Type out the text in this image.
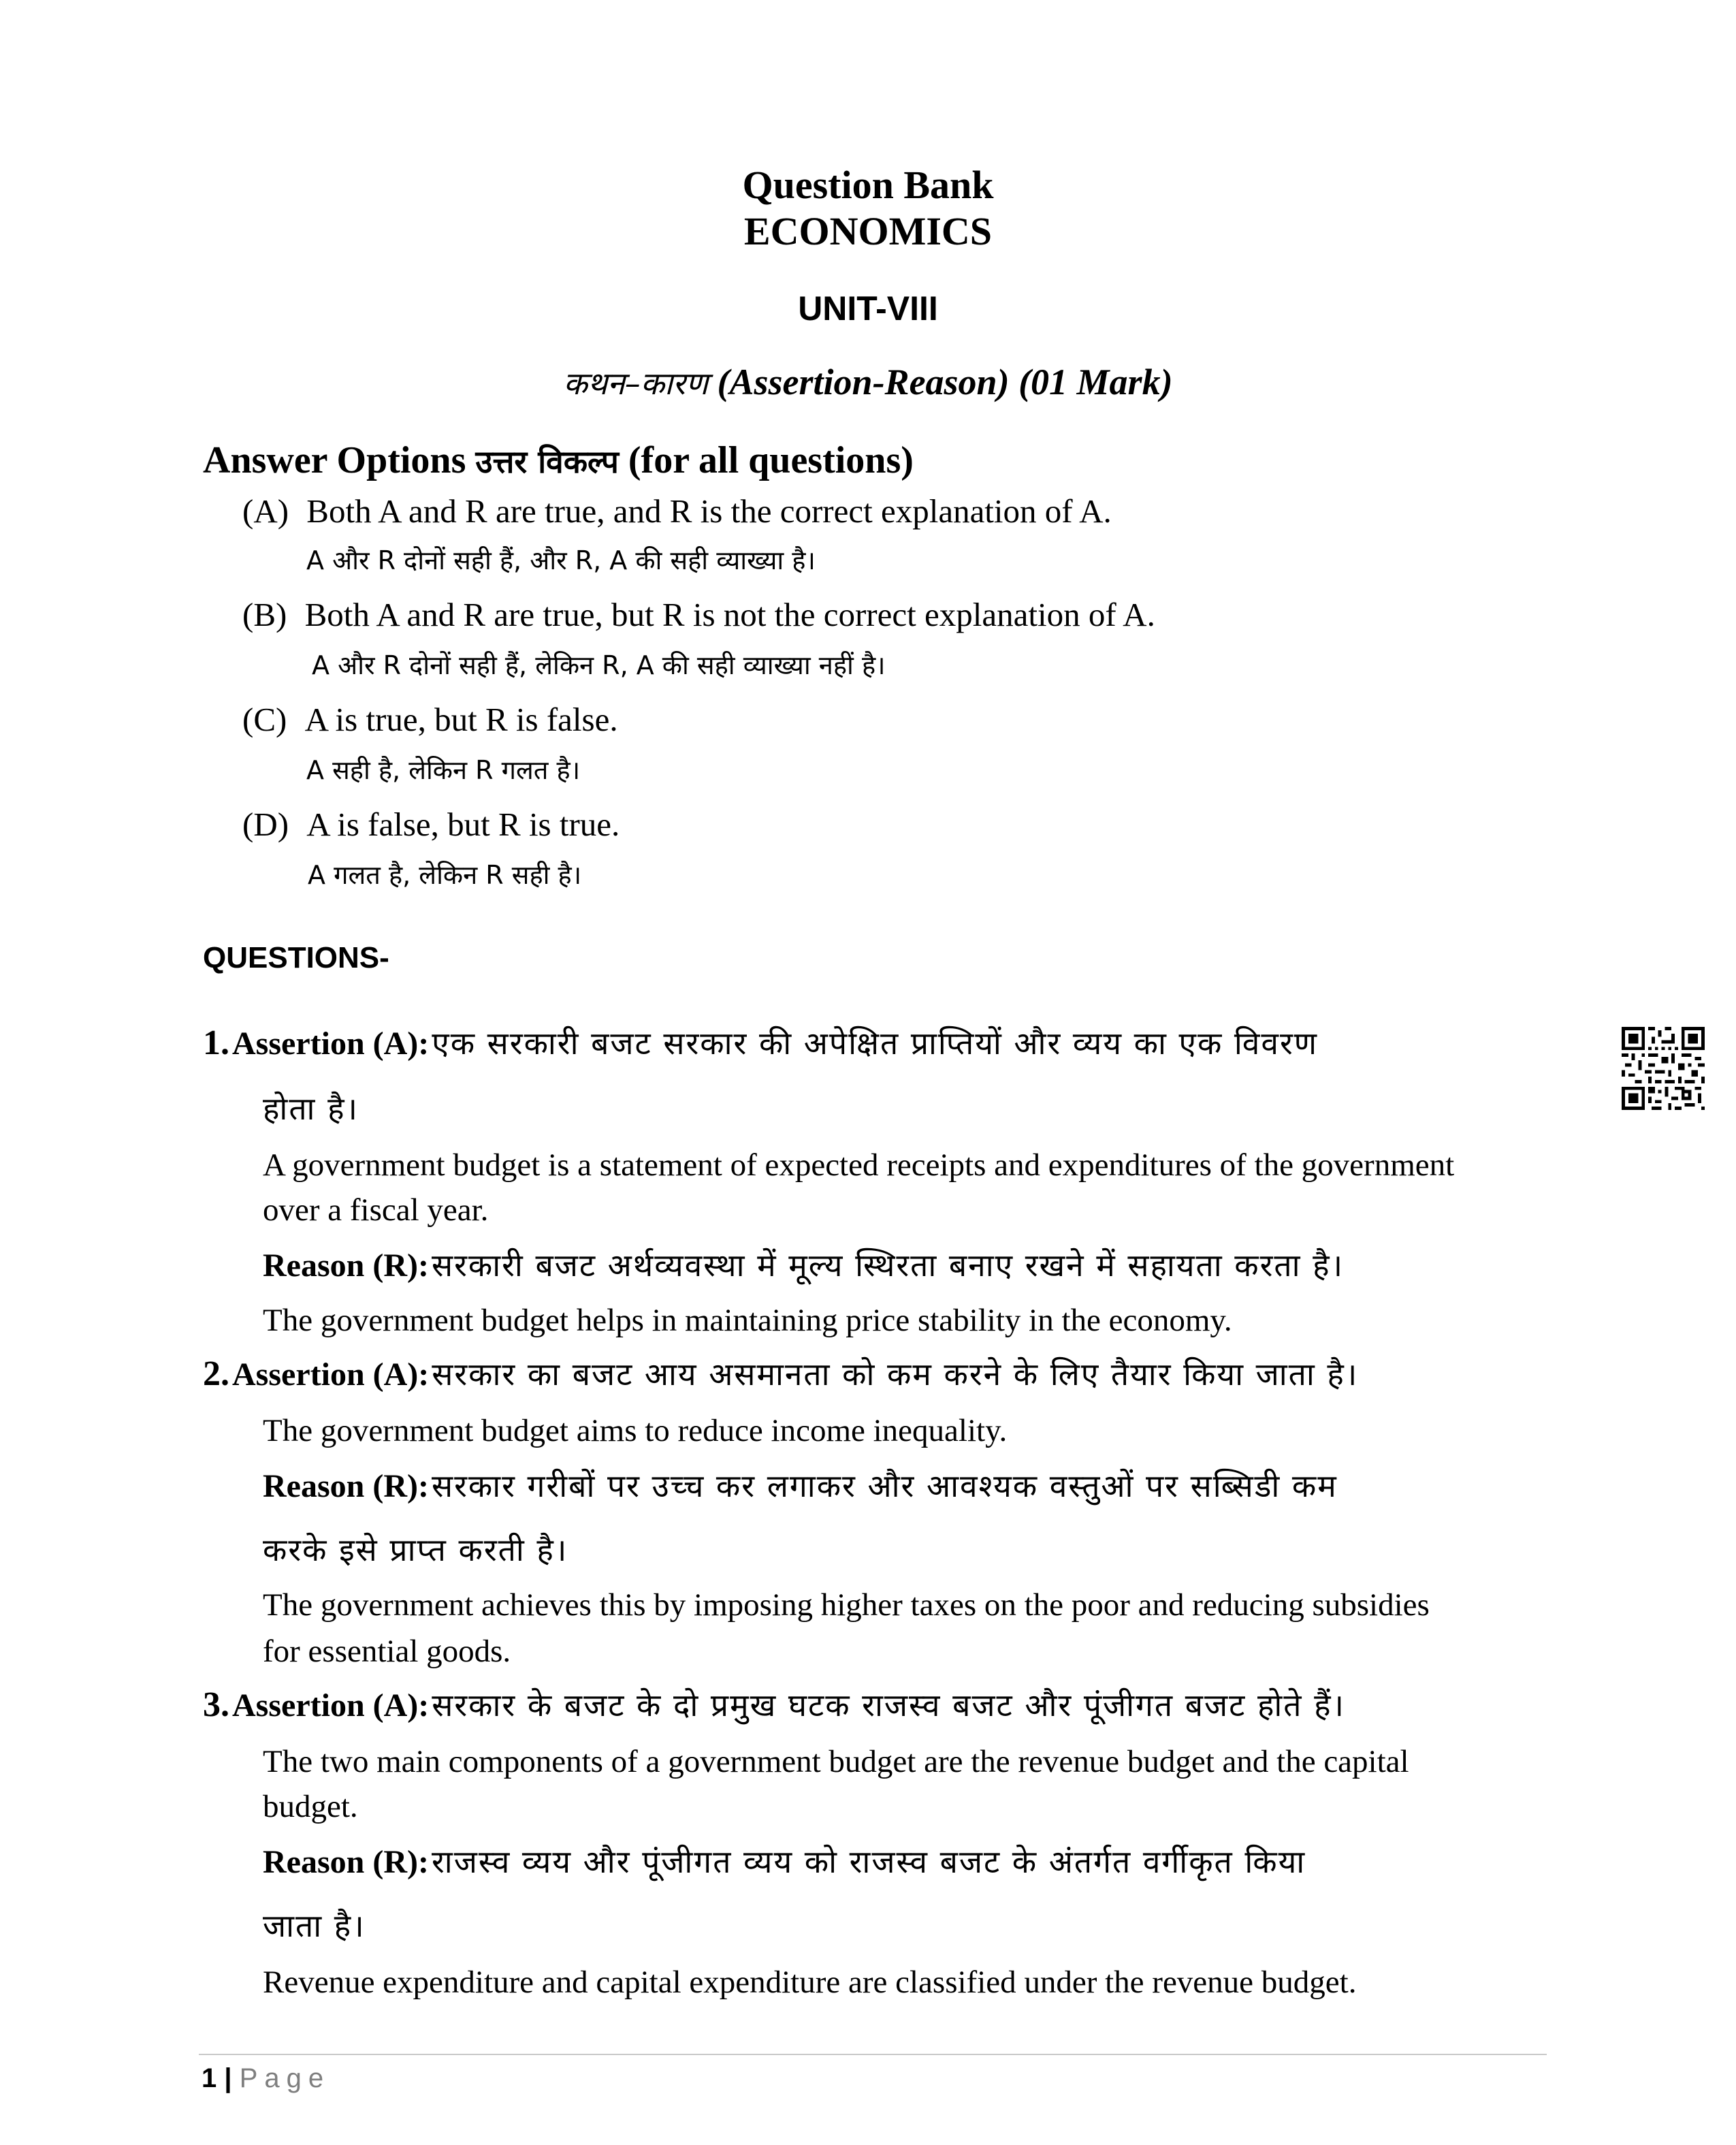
Question Bank
ECONOMICS
UNIT-VIII
कथन–कारण (Assertion-Reason) (01 Mark)
Answer Options उत्तर विकल्प (for all questions)
(A) Both A and R are true, and R is the correct explanation of A.
A और R दोनों सही हैं, और R, A की सही व्याख्या है।
(B) Both A and R are true, but R is not the correct explanation of A.
A और R दोनों सही हैं, लेकिन R, A की सही व्याख्या नहीं है।
(C) A is true, but R is false.
A सही है, लेकिन R गलत है।
(D) A is false, but R is true.
A गलत है, लेकिन R सही है।
QUESTIONS-
1. Assertion (A): एक सरकारी बजट सरकार की अपेक्षित प्राप्तियों और व्यय का एक विवरण
होता है।
A government budget is a statement of expected receipts and expenditures of the government
over a fiscal year.
Reason (R): सरकारी बजट अर्थव्यवस्था में मूल्य स्थिरता बनाए रखने में सहायता करता है।
The government budget helps in maintaining price stability in the economy.
2. Assertion (A): सरकार का बजट आय असमानता को कम करने के लिए तैयार किया जाता है।
The government budget aims to reduce income inequality.
Reason (R): सरकार गरीबों पर उच्च कर लगाकर और आवश्यक वस्तुओं पर सब्सिडी कम
करके इसे प्राप्त करती है।
The government achieves this by imposing higher taxes on the poor and reducing subsidies
for essential goods.
3. Assertion (A): सरकार के बजट के दो प्रमुख घटक राजस्व बजट और पूंजीगत बजट होते हैं।
The two main components of a government budget are the revenue budget and the capital
budget.
Reason (R): राजस्व व्यय और पूंजीगत व्यय को राजस्व बजट के अंतर्गत वर्गीकृत किया
जाता है।
Revenue expenditure and capital expenditure are classified under the revenue budget.
1 | Page
